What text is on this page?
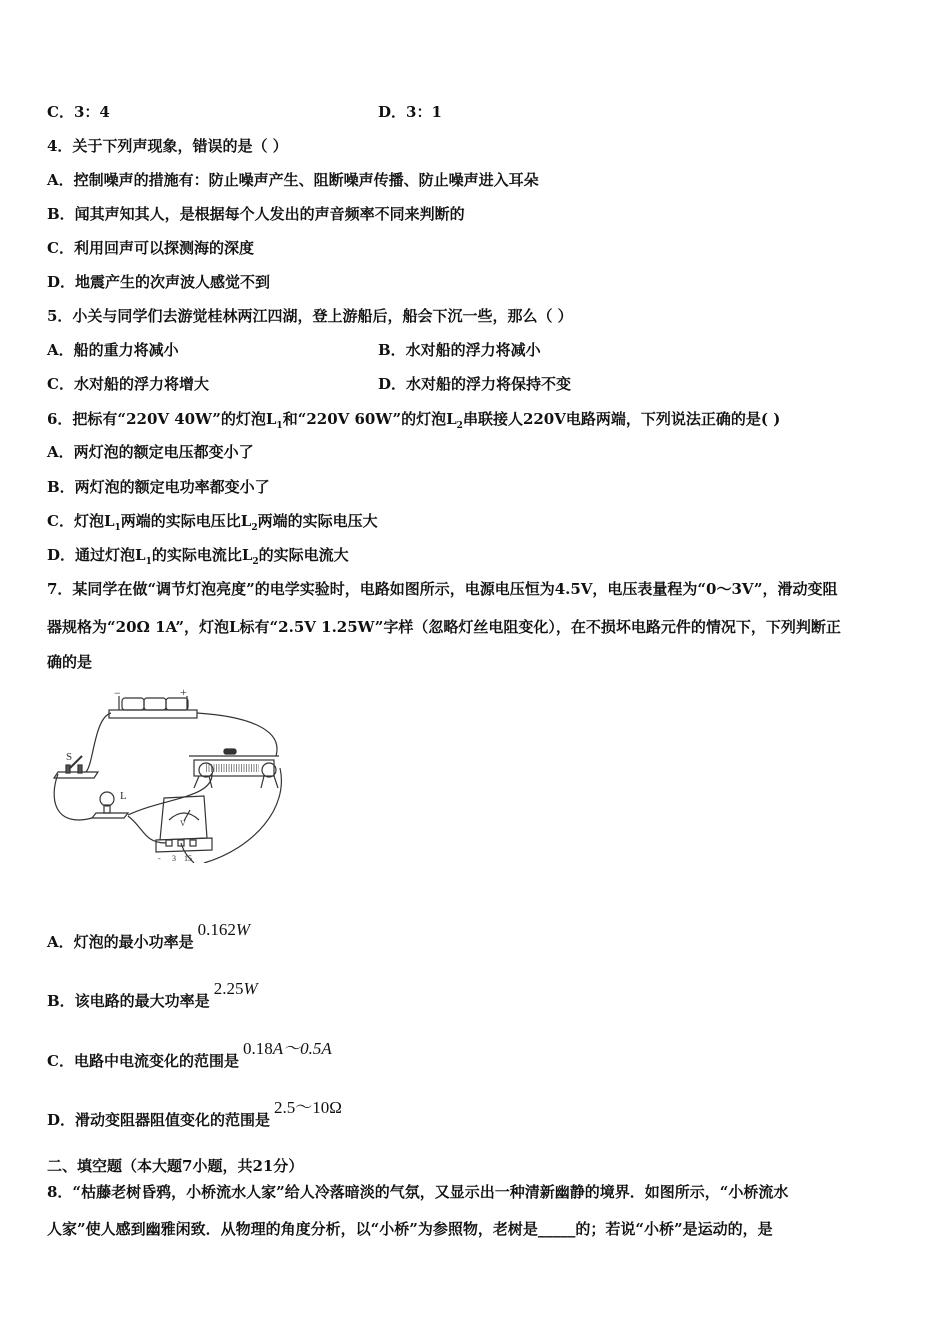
C．3：4	D．3：1
4．关于下列声现象，错误的是（ ）
A．控制噪声的措施有：防止噪声产生、阻断噪声传播、防止噪声进入耳朵
B．闻其声知其人，是根据每个人发出的声音频率不同来判断的
C．利用回声可以探测海的深度
D．地震产生的次声波人感觉不到
5．小关与同学们去游觉桂林两江四湖，登上游船后，船会下沉一些，那么（ ）
A．船的重力将减小	B．水对船的浮力将减小
C．水对船的浮力将增大	D．水对船的浮力将保持不变
6．把标有“220V 40W”的灯泡$L_1$和“220V 60W”的灯泡$L_2$串联接人220V电路两端，下列说法正确的是( )
A．两灯泡的额定电压都变小了
B．两灯泡的额定电功率都变小了
C．灯泡$L_1$两端的实际电压比$L_2$两端的实际电压大
D．通过灯泡$L_1$的实际电流比$L_2$的实际电流大
7．某同学在做“调节灯泡亮度”的电学实验时，电路如图所示，电源电压恒为4.5V，电压表量程为“0～3V”，滑动变阻
器规格为“20Ω 1A”，灯泡L标有“2.5V 1.25W”字样（忽略灯丝电阻变化），在不损坏电路元件的情况下，下列判断正
确的是
−	+
S
L
V
- 3 15
A．灯泡的最小功率是0.162W
B．该电路的最大功率是2.25W
C．电路中电流变化的范围是0.18A～0.5A
D．滑动变阻器阻值变化的范围是2.5～10Ω
二、填空题（本大题7小题，共21分）
8．“枯藤老树昏鸦，小桥流水人家”给人冷落暗淡的气氛，又显示出一种清新幽静的境界．如图所示，“小桥流水
人家”使人感到幽雅闲致．从物理的角度分析，以“小桥”为参照物，老树是_____的；若说“小桥”是运动的，是
